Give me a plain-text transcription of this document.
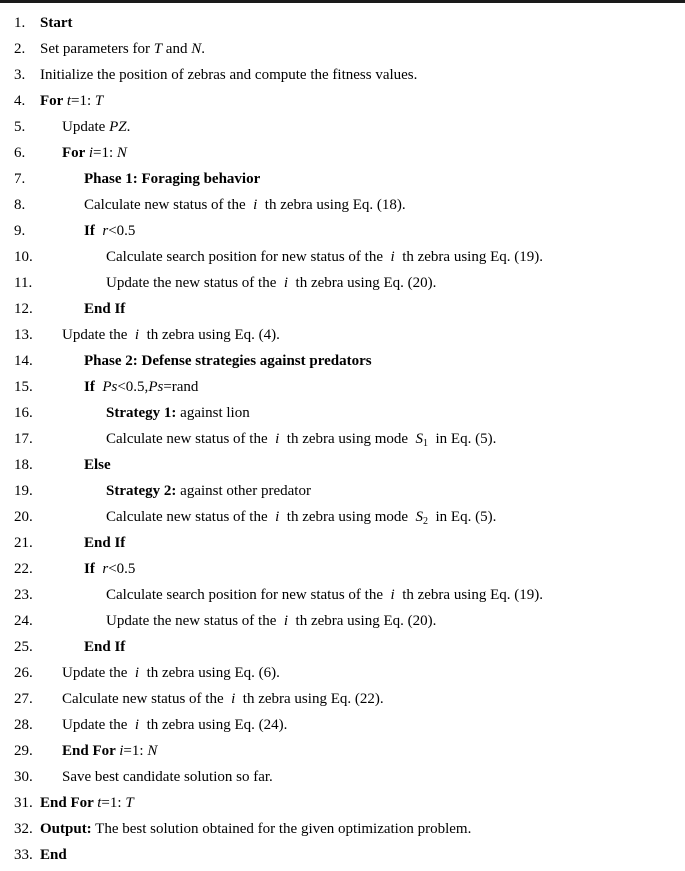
1. Start
2. Set parameters for T and N.
3. Initialize the position of zebras and compute the fitness values.
4. For t=1: T
5.	Update PZ.
6.	For i=1: N
7.	Phase 1: Foraging behavior
8.	Calculate new status of the  i  th zebra using Eq. (18).
9.	If r<0.5
10.	Calculate search position for new status of the  i  th zebra using Eq. (19).
11.	Update the new status of the  i  th zebra using Eq. (20).
12.	End If
13.	Update the  i  th zebra using Eq. (4).
14.	Phase 2: Defense strategies against predators
15.	If Ps<0.5,Ps=rand
16.	Strategy 1: against lion
17.	Calculate new status of the  i  th zebra using mode  $S_1$  in Eq. (5).
18.	Else
19.	Strategy 2: against other predator
20.	Calculate new status of the  i  th zebra using mode  $S_2$  in Eq. (5).
21.	End If
22.	If r<0.5
23.	Calculate search position for new status of the  i  th zebra using Eq. (19).
24.	Update the new status of the  i  th zebra using Eq. (20).
25.	End If
26.	Update the  i  th zebra using Eq. (6).
27.	Calculate new status of the  i  th zebra using Eq. (22).
28.	Update the  i  th zebra using Eq. (24).
29.	End For i=1: N
30.	Save best candidate solution so far.
31. End For t=1: T
32. Output: The best solution obtained for the given optimization problem.
33. End
